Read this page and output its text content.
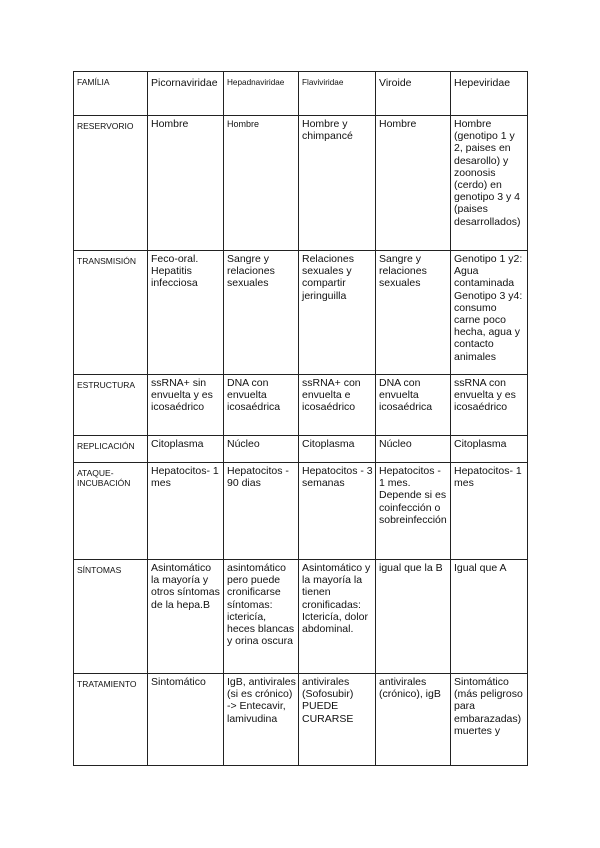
FAMÍLIA	Picornaviridae	Hepadnaviridae	Flaviviridae	Viroide	Hepeviridae
RESERVORIO	Hombre	Hombre	Hombre y chimpancé	Hombre	Hombre (genotipo 1 y 2, paises en desarollo) y zoonosis (cerdo) en genotipo 3 y 4 (paises desarrollados)
TRANSMISIÓN	Feco-oral. Hepatitis infecciosa	Sangre y relaciones sexuales	Relaciones sexuales y compartir jeringuilla	Sangre y relaciones sexuales	Genotipo 1 y2: Agua contaminada Genotipo 3 y4: consumo carne poco hecha, agua y contacto animales
ESTRUCTURA	ssRNA+ sin envuelta y es icosaédrico	DNA con envuelta icosaédrica	ssRNA+ con envuelta e icosaédrico	DNA con envuelta icosaédrica	ssRNA con envuelta y es icosaédrico
REPLICACIÓN	Citoplasma	Núcleo	Citoplasma	Núcleo	Citoplasma
ATAQUE-INCUBACIÓN	Hepatocitos- 1 mes	Hepatocitos - 90 dias	Hepatocitos - 3 semanas	Hepatocitos - 1 mes. Depende si es coinfección o sobreinfección	Hepatocitos- 1 mes
SÍNTOMAS	Asintomático la mayoría y otros síntomas de la hepa.B	asintomático pero puede cronificarse síntomas: ictericía, heces blancas y orina oscura	Asintomático y la mayoría la tienen cronificadas: Ictericía, dolor abdominal.	igual que la B	Igual que A
TRATAMIENTO	Sintomático	IgB, antivirales (si es crónico) -> Entecavir, lamivudina	antivirales (Sofosubir) PUEDE CURARSE	antivirales (crónico), igB	Sintomático (más peligroso para embarazadas) muertes y
